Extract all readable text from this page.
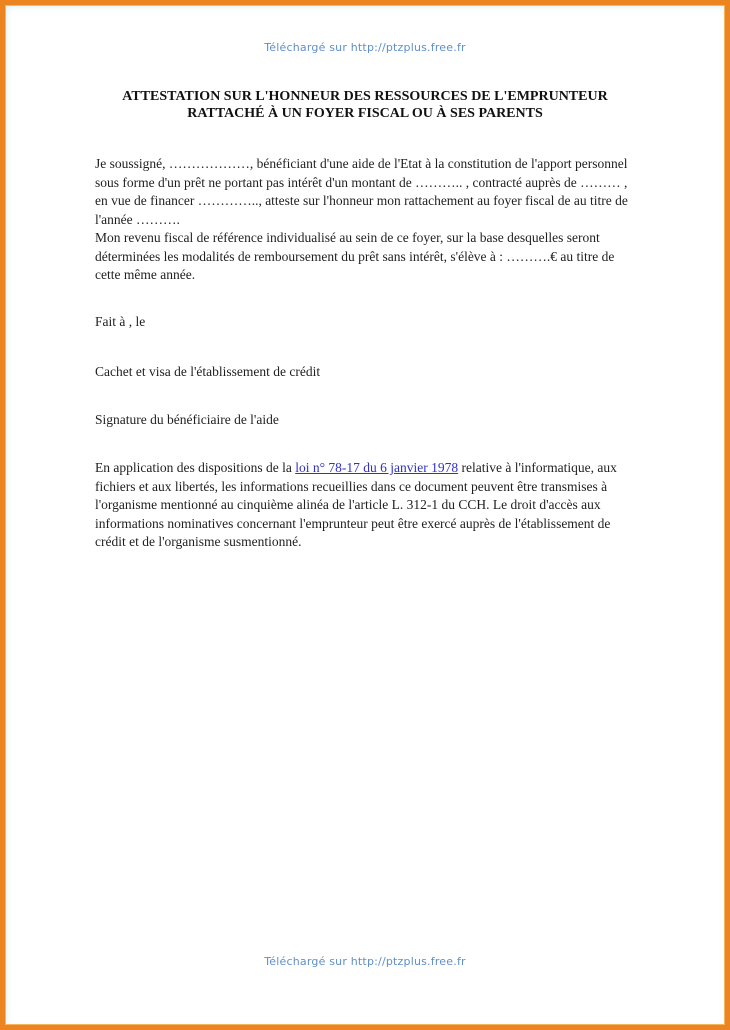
Téléchargé sur http://ptzplus.free.fr
ATTESTATION SUR L'HONNEUR DES RESSOURCES DE L'EMPRUNTEUR
RATTACHÉ À UN FOYER FISCAL OU À SES PARENTS

Je soussigné, ………………, bénéficiant d'une aide de l'Etat à la constitution de l'apport personnel sous forme d'un prêt ne portant pas intérêt d'un montant de ……….. , contracté auprès de ……… , en vue de financer ………….., atteste sur l'honneur mon rattachement au foyer fiscal de au titre de l'année ……….
Mon revenu fiscal de référence individualisé au sein de ce foyer, sur la base desquelles seront déterminées les modalités de remboursement du prêt sans intérêt, s'élève à : ……….€ au titre de cette même année.

Fait à , le

Cachet et visa de l'établissement de crédit

Signature du bénéficiaire de l'aide

En application des dispositions de la loi n° 78-17 du 6 janvier 1978 relative à l'informatique, aux fichiers et aux libertés, les informations recueillies dans ce document peuvent être transmises à l'organisme mentionné au cinquième alinéa de l'article L. 312-1 du CCH. Le droit d'accès aux informations nominatives concernant l'emprunteur peut être exercé auprès de l'établissement de crédit et de l'organisme susmentionné.

Téléchargé sur http://ptzplus.free.fr
